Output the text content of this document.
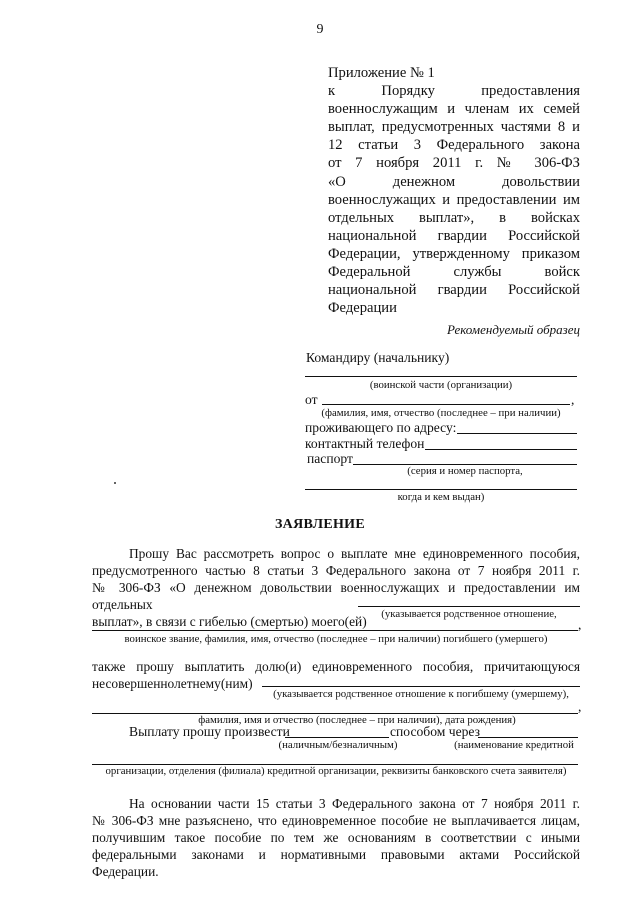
9
Приложение № 1
к Порядку предоставления
военнослужащим и членам их семей
выплат, предусмотренных частями 8 и
12 статьи 3 Федерального закона
от 7 ноября 2011 г. № 306-ФЗ
«О денежном довольствии
военнослужащих и предоставлении им
отдельных выплат», в войсках
национальной гвардии Российской
Федерации, утвержденному приказом
Федеральной службы войск
национальной гвардии Российской
Федерации
Рекомендуемый образец
Командиру (начальнику)
(воинской части (организации)
от	,
(фамилия, имя, отчество (последнее – при наличии)
проживающего по адресу:
контактный телефон
паспорт
(серия и номер паспорта,
когда и кем выдан)
ЗАЯВЛЕНИЕ
Прошу Вас рассмотреть вопрос о выплате мне единовременного пособия,
предусмотренного частью 8 статьи 3 Федерального закона от 7 ноября 2011 г.
№ 306-ФЗ «О денежном довольствии военнослужащих и предоставлении им отдельных
выплат», в связи с гибелью (смертью) моего(ей)	(указывается родственное отношение,
,
воинское звание, фамилия, имя, отчество (последнее – при наличии) погибшего (умершего)
также прошу выплатить долю(и) единовременного пособия, причитающуюся
несовершеннолетнему(ним)
(указывается родственное отношение к погибшему (умершему),
,
фамилия, имя и отчество (последнее – при наличии), дата рождения)
Выплату прошу произвести	способом через
(наличным/безналичным)	(наименование кредитной
организации, отделения (филиала) кредитной организации, реквизиты банковского счета заявителя)
На основании части 15 статьи 3 Федерального закона от 7 ноября 2011 г.
№ 306-ФЗ мне разъяснено, что единовременное пособие не выплачивается лицам,
получившим такое пособие по тем же основаниям в соответствии с иными
федеральными законами и нормативными правовыми актами Российской Федерации.
